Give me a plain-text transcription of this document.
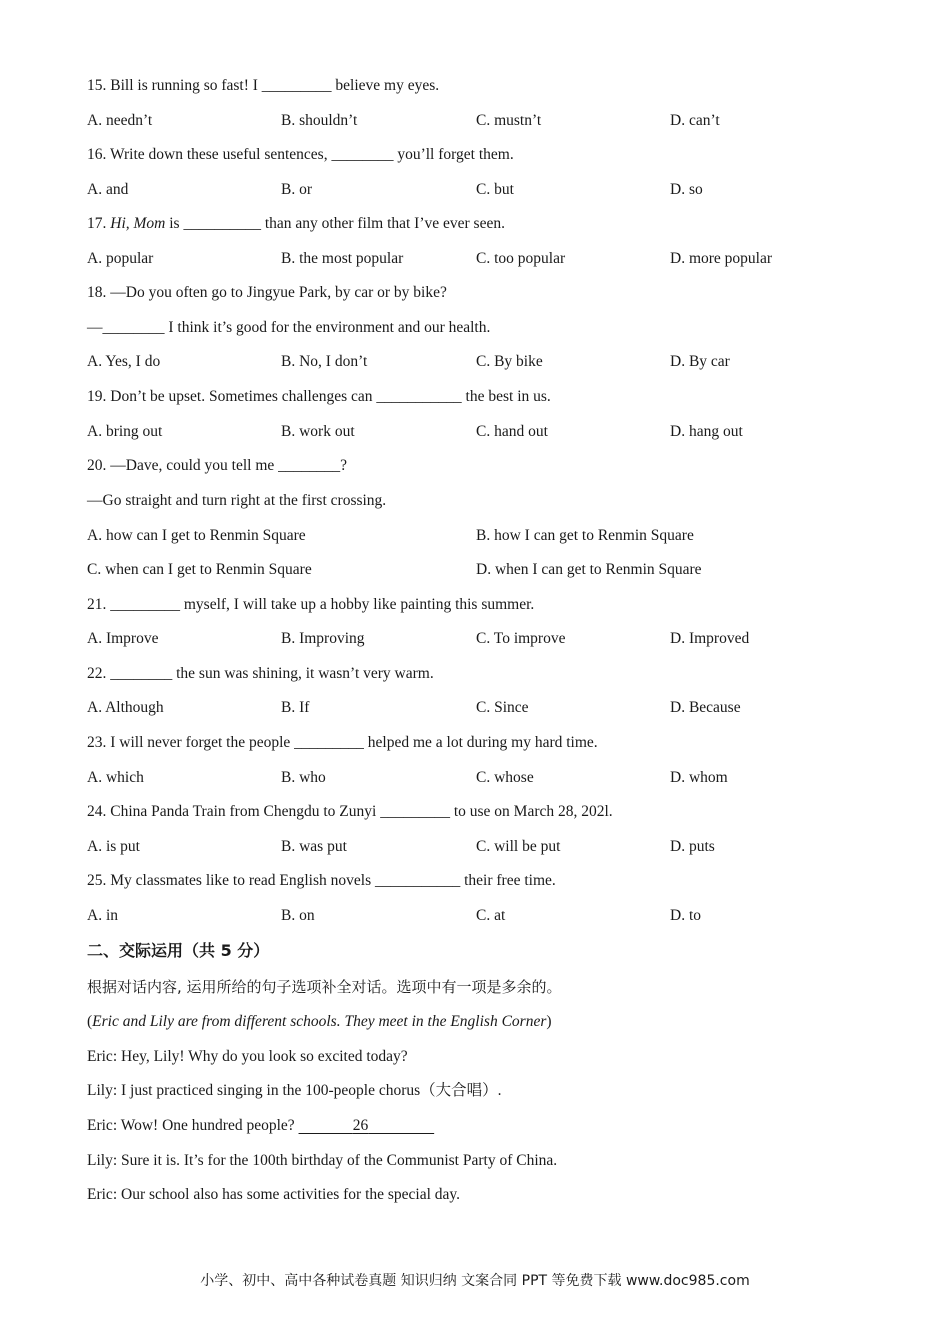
15. Bill is running so fast! I _________ believe my eyes.
A. needn’t	B. shouldn’t	C. mustn’t	D. can’t
16. Write down these useful sentences, ________ you’ll forget them.
A. and	B. or	C. but	D. so
17. Hi, Mom is __________ than any other film that I’ve ever seen.
A. popular	B. the most popular	C. too popular	D. more popular
18. —Do you often go to Jingyue Park, by car or by bike?
—________ I think it’s good for the environment and our health.
A. Yes, I do	B. No, I don’t	C. By bike	D. By car
19. Don’t be upset. Sometimes challenges can ___________ the best in us.
A. bring out	B. work out	C. hand out	D. hang out
20. —Dave, could you tell me ________?
—Go straight and turn right at the first crossing.
A. how can I get to Renmin Square	B. how I can get to Renmin Square
C. when can I get to Renmin Square	D. when I can get to Renmin Square
21. _________ myself, I will take up a hobby like painting this summer.
A. Improve	B. Improving	C. To improve	D. Improved
22. ________ the sun was shining, it wasn’t very warm.
A. Although	B. If	C. Since	D. Because
23. I will never forget the people _________ helped me a lot during my hard time.
A. which	B. who	C. whose	D. whom
24. China Panda Train from Chengdu to Zunyi _________ to use on March 28, 202l.
A. is put	B. was put	C. will be put	D. puts
25. My classmates like to read English novels ___________ their free time.
A. in	B. on	C. at	D. to
二、交际运用（共 5 分）
根据对话内容, 运用所给的句子选项补全对话。选项中有一项是多余的。
(Eric and Lily are from different schools. They meet in the English Corner)
Eric: Hey, Lily! Why do you look so excited today?
Lily: I just practiced singing in the 100-people chorus（大合唱）.
Eric: Wow! One hundred people?	26
Lily: Sure it is. It’s for the 100th birthday of the Communist Party of China.
Eric: Our school also has some activities for the special day.
小学、初中、高中各种试卷真题 知识归纳 文案合同 PPT 等免费下载 www.doc985.com
